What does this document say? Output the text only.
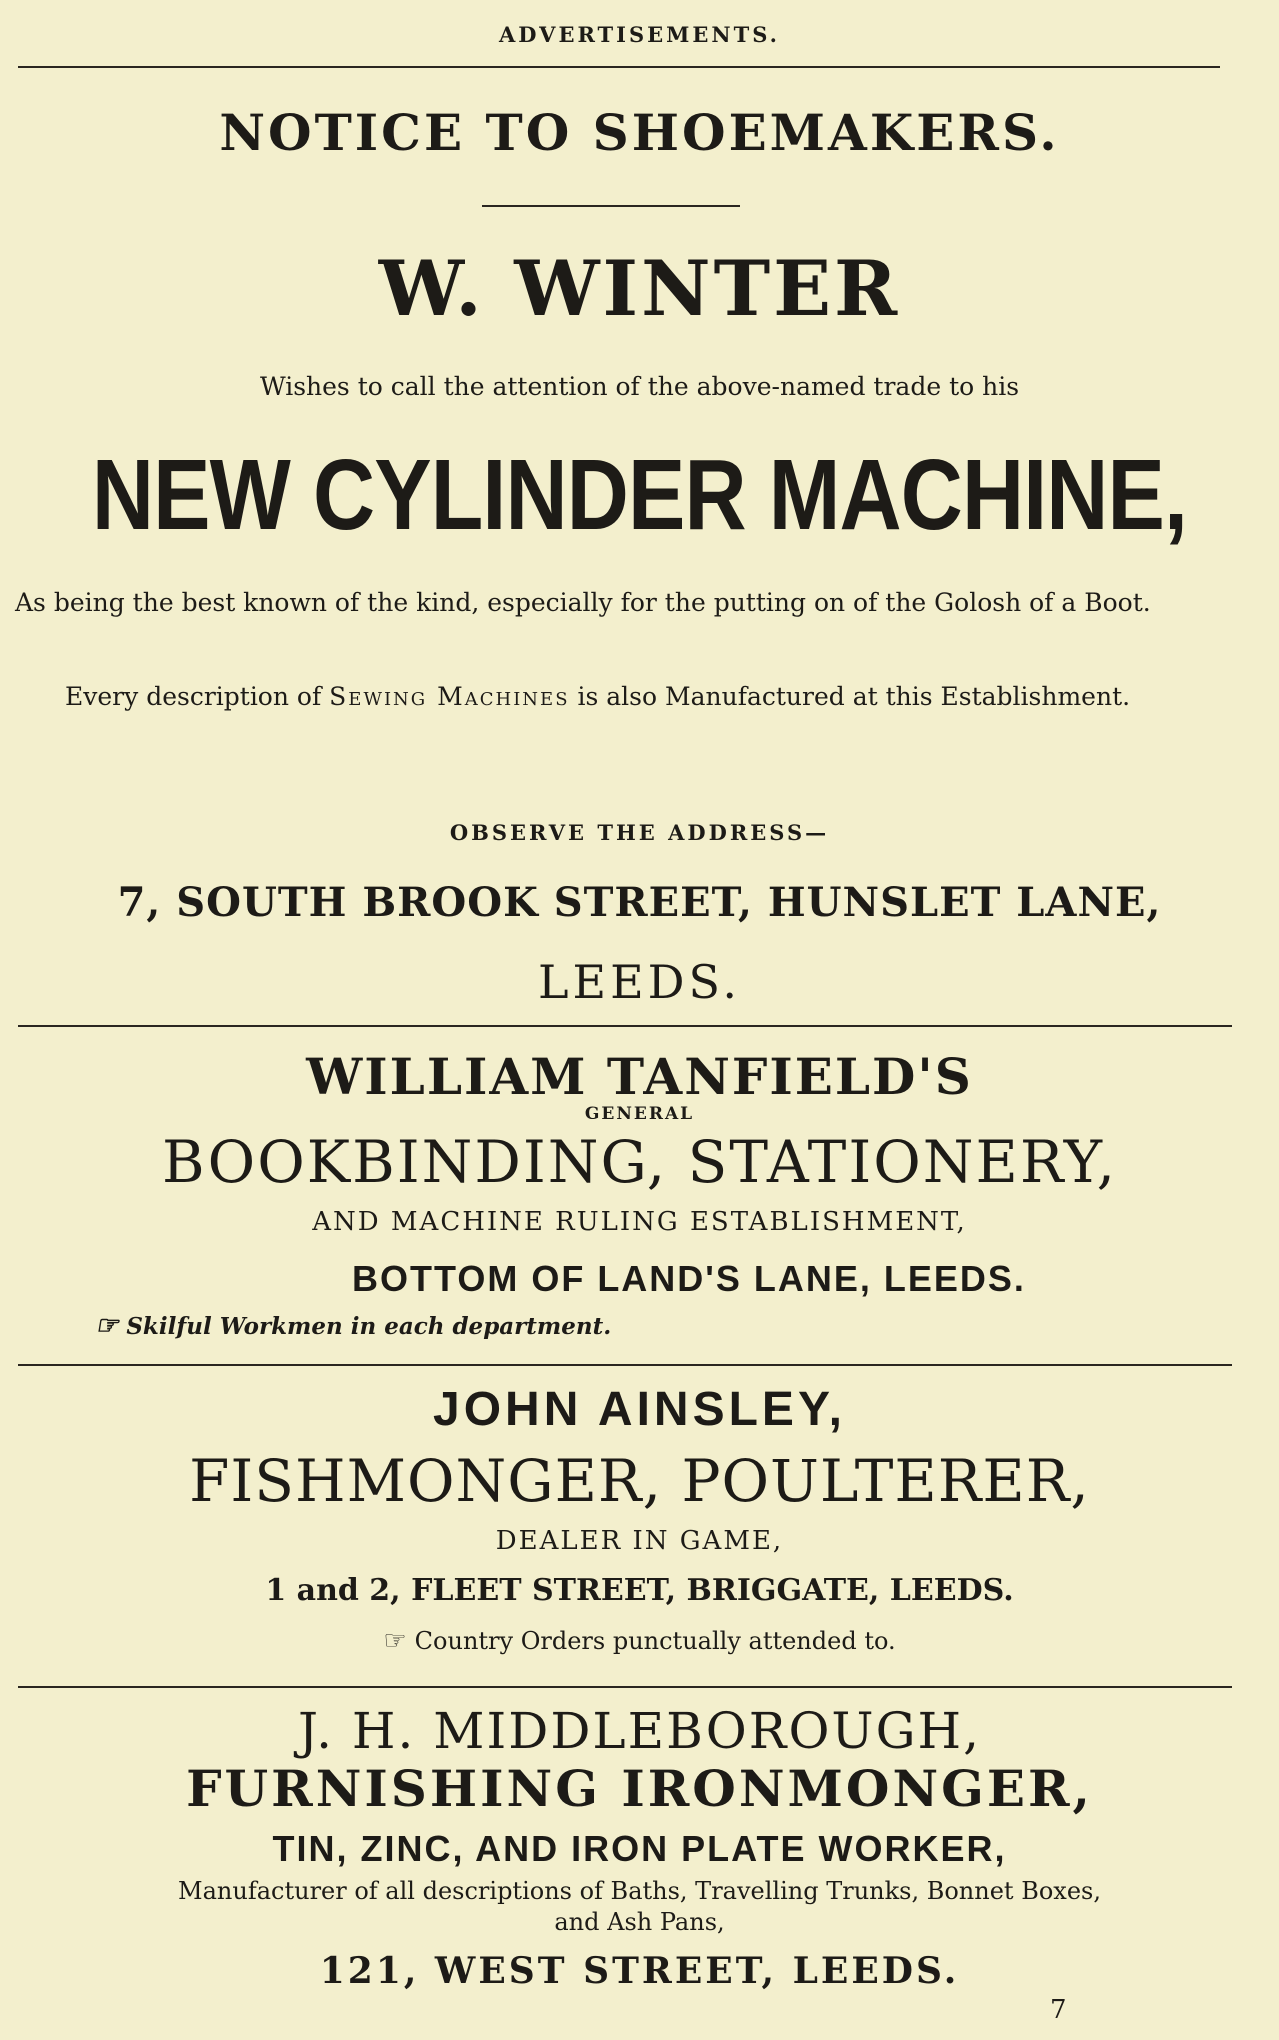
ADVERTISEMENTS.
NOTICE TO SHOEMAKERS.
W. WINTER
Wishes to call the attention of the above-named trade to his
NEW CYLINDER MACHINE,

As being the best known of the kind, especially for the putting on of the Golosh of a Boot.

Every description of Sewing Machines is also Manufactured at this Establishment.

OBSERVE THE ADDRESS—
7, SOUTH BROOK STREET, HUNSLET LANE,
LEEDS.
WILLIAM TANFIELD'S
GENERAL
BOOKBINDING, STATIONERY,
AND MACHINE RULING ESTABLISHMENT,
BOTTOM OF LAND'S LANE, LEEDS.
☞ Skilful Workmen in each department.
JOHN AINSLEY,
FISHMONGER, POULTERER,
DEALER IN GAME,
1 and 2, FLEET STREET, BRIGGATE, LEEDS.
☞ Country Orders punctually attended to.
J. H. MIDDLEBOROUGH,
FURNISHING IRONMONGER,
TIN, ZINC, AND IRON PLATE WORKER,
Manufacturer of all descriptions of Baths, Travelling Trunks, Bonnet Boxes,
and Ash Pans,
121, WEST STREET, LEEDS.
7
